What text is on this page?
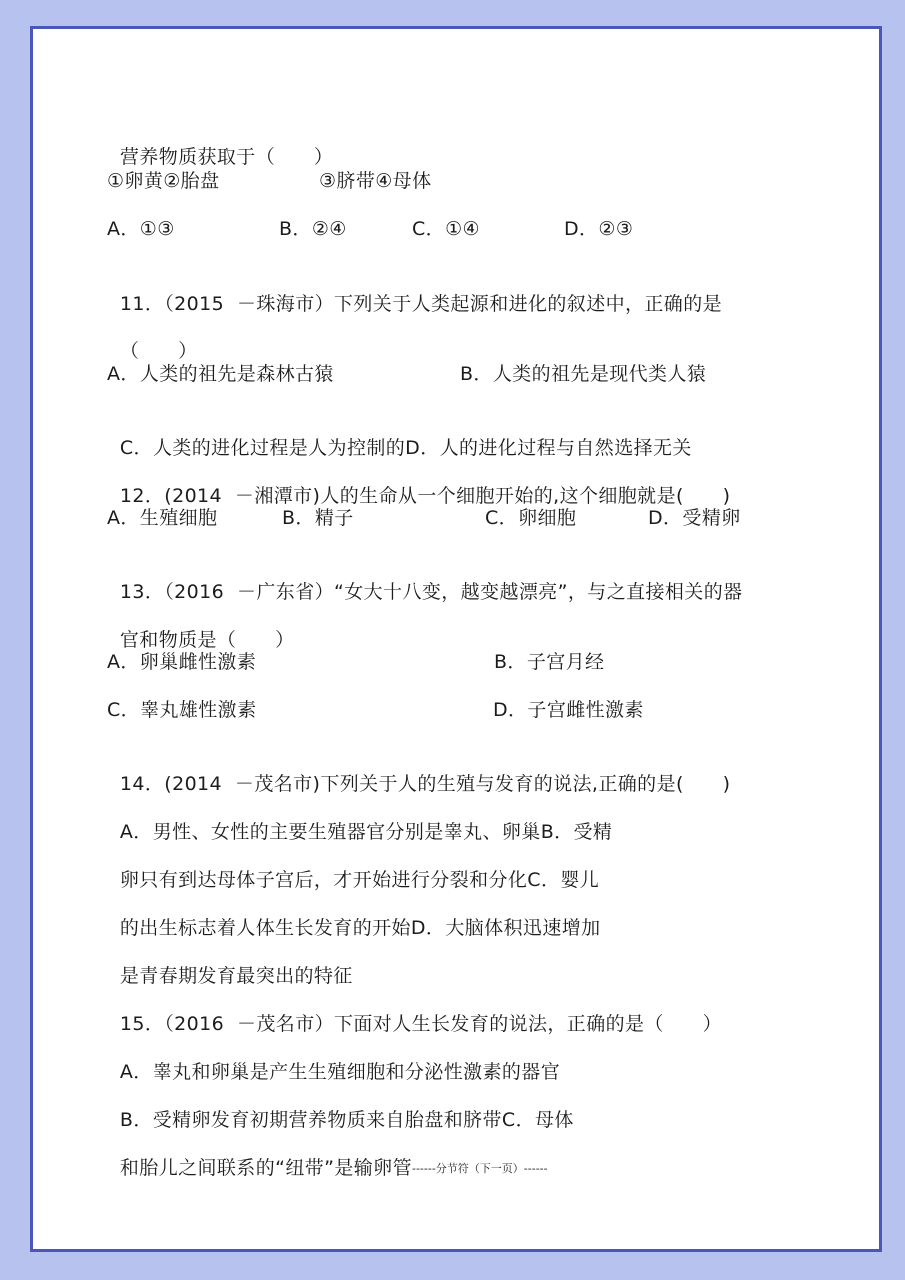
营养物质获取于（　　）

①卵黄②胎盘

	③脐带④母体

A．①③

	B．②④

	C．①④

	D．②③

11．（2015  －珠海市）下列关于人类起源和进化的叙述中，正确的是

（　　）

A．人类的祖先是森林古猿

	B．人类的祖先是现代类人猿

C．人类的进化过程是人为控制的D．人的进化过程与自然选择无关

12．(2014  －湘潭市)人的生命从一个细胞开始的,这个细胞就是(　　)

A．生殖细胞

	B．精子

	C．卵细胞

	D．受精卵

13．（2016  －广东省）“女大十八变，越变越漂亮”，与之直接相关的器

官和物质是（　　）

A．卵巢雌性激素

	B．子宫月经

C．睾丸雄性激素

	D．子宫雌性激素

14．(2014  －茂名市)下列关于人的生殖与发育的说法,正确的是(　　)

A．男性、女性的主要生殖器官分别是睾丸、卵巢B．受精

卵只有到达母体子宫后，才开始进行分裂和分化C．婴儿

的出生标志着人体生长发育的开始D．大脑体积迅速增加

是青春期发育最突出的特征

15．（2016  －茂名市）下面对人生长发育的说法，正确的是（　　）

A．睾丸和卵巢是产生生殖细胞和分泌性激素的器官

B．受精卵发育初期营养物质来自胎盘和脐带C．母体

和胎儿之间联系的“纽带”是输卵管------分节符（下一页）------
